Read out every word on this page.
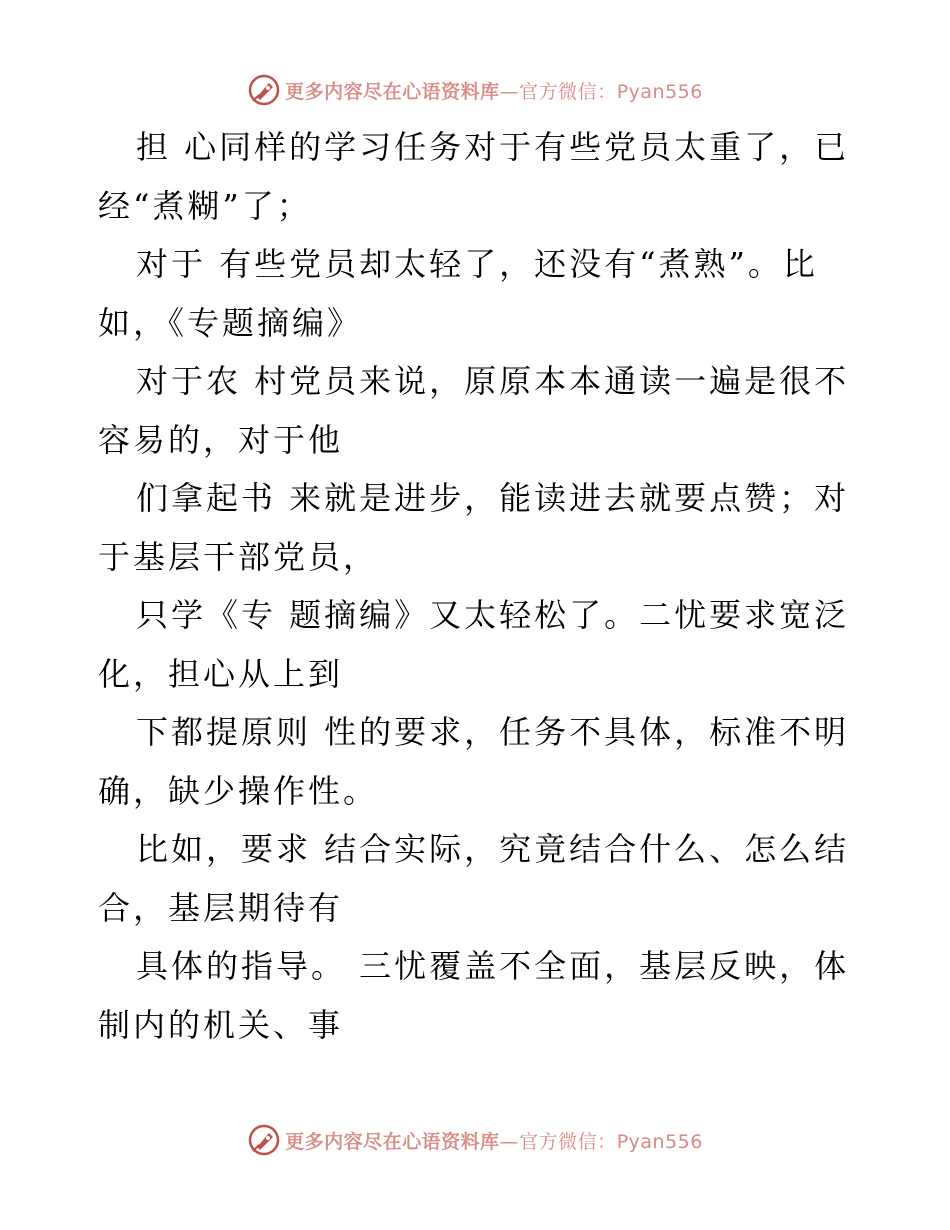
更多内容尽在心语资料库—官方微信：Pyan556
担 心同样的学习任务对于有些党员太重了，已
经“煮糊”了；
对于 有些党员却太轻了，还没有“煮熟”。比
如，《专题摘编》
对于农 村党员来说，原原本本通读一遍是很不
容易的，对于他
们拿起书 来就是进步，能读进去就要点赞；对
于基层干部党员，
只学《专 题摘编》又太轻松了。二忧要求宽泛
化，担心从上到
下都提原则 性的要求，任务不具体，标准不明
确，缺少操作性。
比如，要求 结合实际，究竟结合什么、怎么结
合，基层期待有
具体的指导。 三忧覆盖不全面，基层反映，体
制内的机关、事
更多内容尽在心语资料库—官方微信：Pyan556
